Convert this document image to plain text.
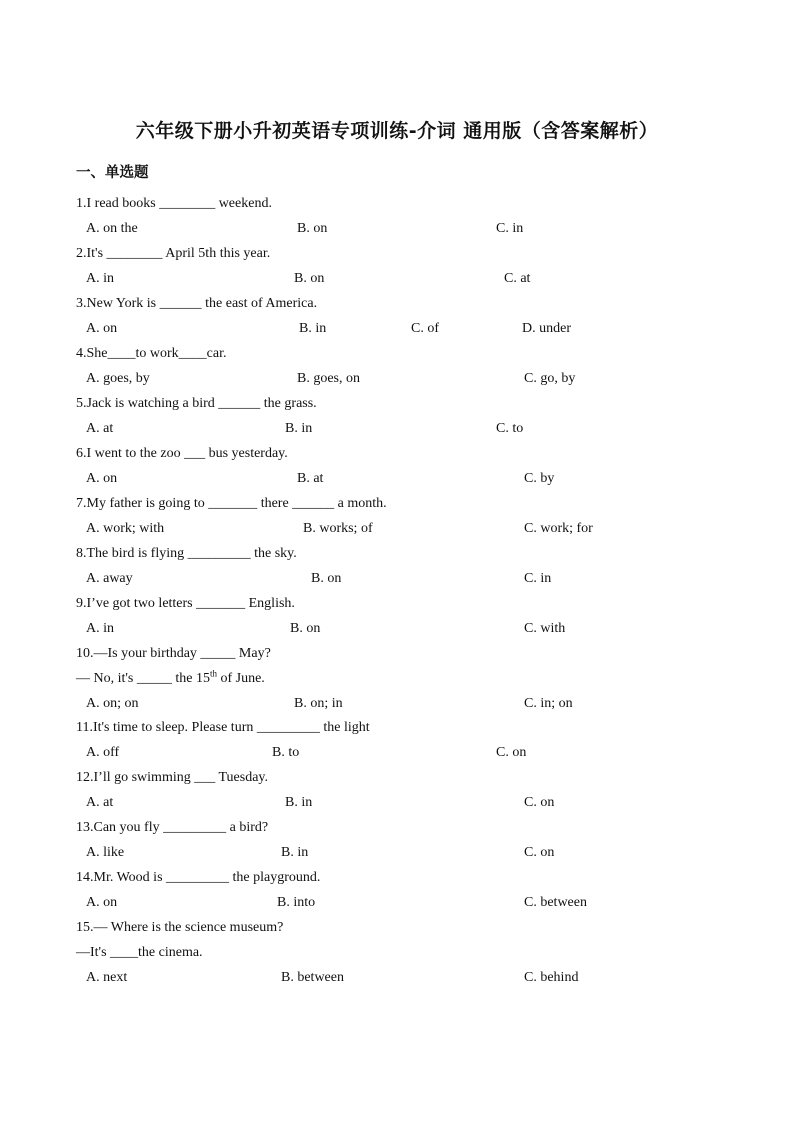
六年级下册小升初英语专项训练-介词 通用版（含答案解析）
一、单选题
1.I read books ________ weekend.
A. on the	B. on	C. in
2.It's ________ April 5th this year.
A. in	B. on	C. at
3.New York is ______ the east of America.
A. on	B. in	C. of	D. under
4.She____to work____car.
A. goes, by	B. goes, on	C. go, by
5.Jack is watching a bird ______ the grass.
A. at	B. in	C. to
6.I went to the zoo ___ bus yesterday.
A. on	B. at	C. by
7.My father is going to _______ there ______ a month.
A. work; with	B. works; of	C. work; for
8.The bird is flying _________ the sky.
A. away	B. on	C. in
9.I’ve got two letters _______ English.
A. in	B. on	C. with
10.—Is your birthday _____ May?
— No, it's _____ the 15th of June.
A. on; on	B. on; in	C. in; on
11.It's time to sleep. Please turn _________ the light
A. off	B. to	C. on
12.I’ll go swimming ___ Tuesday.
A. at	B. in	C. on
13.Can you fly _________ a bird?
A. like	B. in	C. on
14.Mr. Wood is _________ the playground.
A. on	B. into	C. between
15.— Where is the science museum?
—It's ____the cinema.
A. next	B. between	C. behind
